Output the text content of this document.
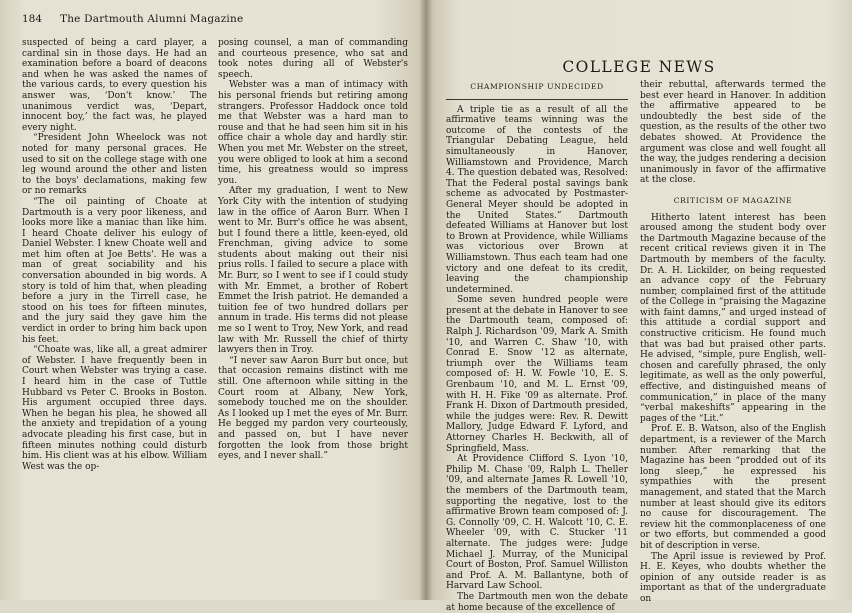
184 The Dartmouth Alumni Magazine

suspected of being a card player, a cardinal sin in those days. He had an examination before a board of deacons and when he was asked the names of the various cards, to every question his answer was, ‘Don't know.’ The unanimous verdict was, ‘Depart, innocent boy,’ the fact was, he played every night.

“President John Wheelock was not noted for many personal graces. He used to sit on the college stage with one leg wound around the other and listen to the boys' declamations, making few or no remarks

“The oil painting of Choate at Dartmouth is a very poor likeness, and looks more like a maniac than like him. I heard Choate deliver his eulogy of Daniel Webster. I knew Choate well and met him often at Joe Betts'. He was a man of great sociability and his conversation abounded in big words. A story is told of him that, when pleading before a jury in the Tirrell case, he stood on his toes for fifteen minutes, and the jury said they gave him the verdict in order to bring him back upon his feet.

“Choate was, like all, a great admirer of Webster. I have frequently been in Court when Webster was trying a case. I heard him in the case of Tuttle Hubbard vs Peter C. Brooks in Boston. His argument occupied three days. When he began his plea, he showed all the anxiety and trepidation of a young advocate pleading his first case, but in fifteen minutes nothing could disturb him. His client was at his elbow. William West was the op-

posing counsel, a man of commanding and courteous presence, who sat and took notes during all of Webster's speech.

Webster was a man of intimacy with his personal friends but retiring among strangers. Professor Haddock once told me that Webster was a hard man to rouse and that he had seen him sit in his office chair a whole day and hardly stir. When you met Mr. Webster on the street, you were obliged to look at him a second time, his greatness would so impress you.

After my graduation, I went to New York City with the intention of studying law in the office of Aaron Burr. When I went to Mr. Burr's office he was absent, but I found there a little, keen-eyed, old Frenchman, giving advice to some students about making out their nisi prius rolls. I failed to secure a place with Mr. Burr, so I went to see if I could study with Mr. Emmet, a brother of Robert Emmet the Irish patriot. He demanded a tuition fee of two hundred dollars per annum in trade. His terms did not please me so I went to Troy, New York, and read law with Mr. Russell the chief of thirty lawyers then in Troy.

“I never saw Aaron Burr but once, but that occasion remains distinct with me still. One afternoon while sitting in the Court room at Albany, New York, somebody touched me on the shoulder. As I looked up I met the eyes of Mr. Burr. He begged my pardon very courteously, and passed on, but I have never forgotten the look from those bright eyes, and I never shall.”

COLLEGE NEWS
CHAMPIONSHIP UNDECIDED

A triple tie as a result of all the affirmative teams winning was the outcome of the contests of the Triangular Debating League, held simultaneously in Hanover, Williamstown and Providence, March 4. The question debated was, Resolved: That the Federal postal savings bank scheme as advocated by Postmaster-General Meyer should be adopted in the United States.” Dartmouth defeated Williams at Hanover but lost to Brown at Providence, while Williams was victorious over Brown at Williamstown. Thus each team had one victory and one defeat to its credit, leaving the championship undetermined.

Some seven hundred people were present at the debate in Hanover to see the Dartmouth team, composed of: Ralph J. Richardson '09, Mark A. Smith '10, and Warren C. Shaw '10, with Conrad E. Snow '12 as alternate, triumph over the Williams team composed of: H. W. Fowle '10, E. S. Grenbaum '10, and M. L. Ernst '09, with H. H. Fike '09 as alternate. Prof. Frank H. Dixon of Dartmouth presided, while the judges were: Rev. R. Dewitt Mallory, Judge Edward F. Lyford, and Attorney Charles H. Beckwith, all of Springfield, Mass.

At Providence Clifford S. Lyon '10, Philip M. Chase '09, Ralph L. Theller '09, and alternate James R. Lowell '10, the members of the Dartmouth team, supporting the negative, lost to the affirmative Brown team composed of: J. G. Connolly '09, C. H. Walcott '10, C. E. Wheeler '09, with C. Stucker '11 alternate. The judges were: Judge Michael J. Murray, of the Municipal Court of Boston, Prof. Samuel Williston and Prof. A. M. Ballantyne, both of Harvard Law School.

The Dartmouth men won the debate at home because of the excellence of

their rebuttal, afterwards termed the best ever heard in Hanover. In addition the affirmative appeared to be undoubtedly the best side of the question, as the results of the other two debates showed. At Providence the argument was close and well fought all the way, the judges rendering a decision unanimously in favor of the affirmative at the close.

CRITICISM OF MAGAZINE

Hitherto latent interest has been aroused among the student body over the Dartmouth Magazine because of the recent critical reviews given it in The Dartmouth by members of the faculty. Dr. A. H. Lickilder, on being requested an advance copy of the February number, complained first of the attitude of the College in “praising the Magazine with faint damns,” and urged instead of this attitude a cordial support and constructive criticism. He found much that was bad but praised other parts. He advised, “simple, pure English, well-chosen and carefully phrased, the only legitimate, as well as the only powerful, effective, and distinguished means of communication,” in place of the many “verbal makeshifts” appearing in the pages of the “Lit.”

Prof. E. B. Watson, also of the English department, is a reviewer of the March number. After remarking that the Magazine has been “prodded out of its long sleep,” he expressed his sympathies with the present management, and stated that the March number at least should give its editors no cause for discouragement. The review hit the commonplaceness of one or two efforts, but commended a good bit of description in verse.

The April issue is reviewed by Prof. H. E. Keyes, who doubts whether the opinion of any outside reader is as important as that of the undergraduate on
